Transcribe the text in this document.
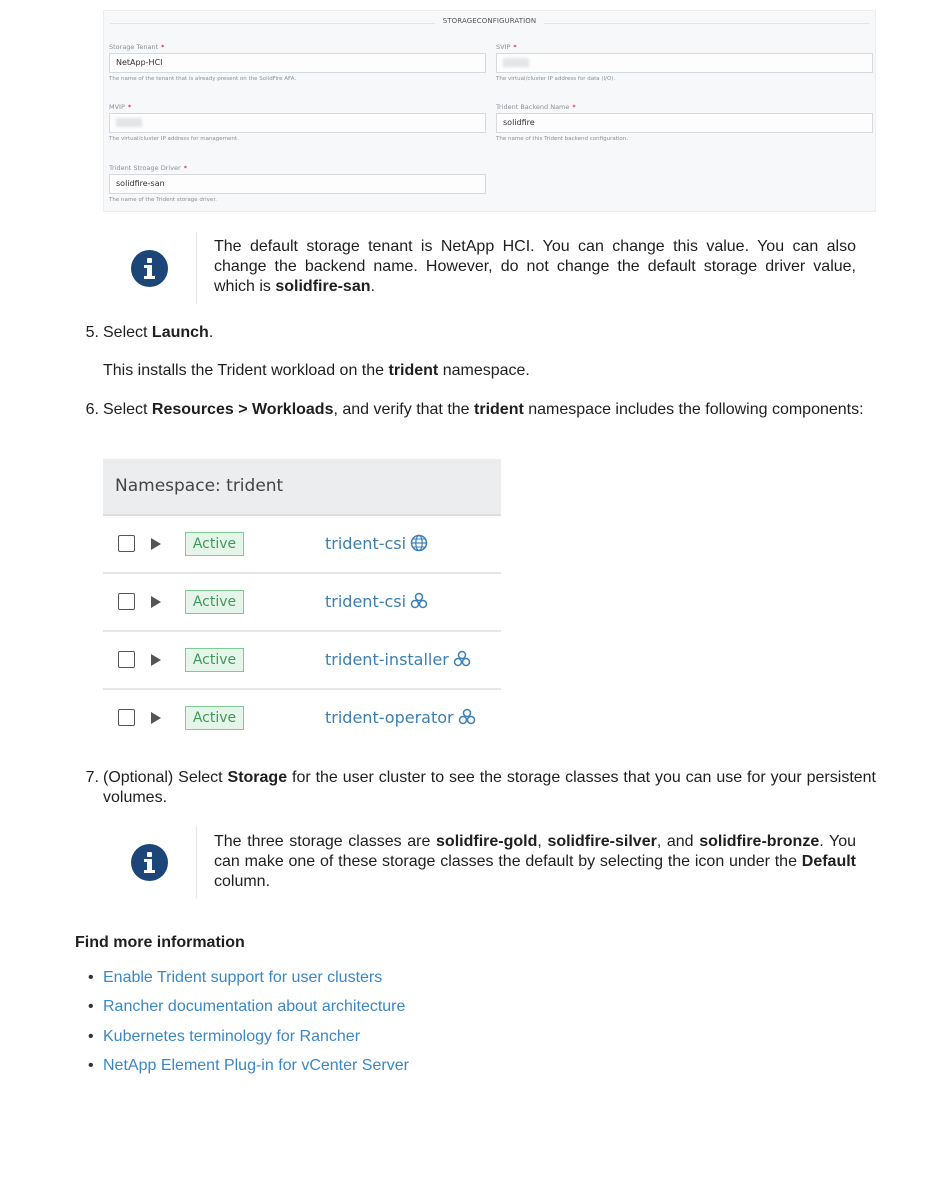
STORAGECONFIGURATION
Storage Tenant *
NetApp-HCI
The name of the tenant that is already present on the SolidFire AFA.
SVIP *
The virtual/cluster IP address for data (I/O).
MVIP *
The virtual/cluster IP address for management.
Trident Backend Name *
solidfire
The name of this Trident backend configuration.
Trident Stroage Driver *
solidfire-san
The name of the Trident storage driver.
The default storage tenant is NetApp HCI. You can change this value. You can also change the backend name. However, do not change the default storage driver value, which is solidfire-san.
5. Select Launch.
This installs the Trident workload on the trident namespace.
6. Select Resources > Workloads, and verify that the trident namespace includes the following components:
Namespace: trident
Active	trident-csi
Active	trident-csi
Active	trident-installer
Active	trident-operator
7. (Optional) Select Storage for the user cluster to see the storage classes that you can use for your persistent volumes.
The three storage classes are solidfire-gold, solidfire-silver, and solidfire-bronze. You can make one of these storage classes the default by selecting the icon under the Default column.
Find more information
• Enable Trident support for user clusters
• Rancher documentation about architecture
• Kubernetes terminology for Rancher
• NetApp Element Plug-in for vCenter Server
